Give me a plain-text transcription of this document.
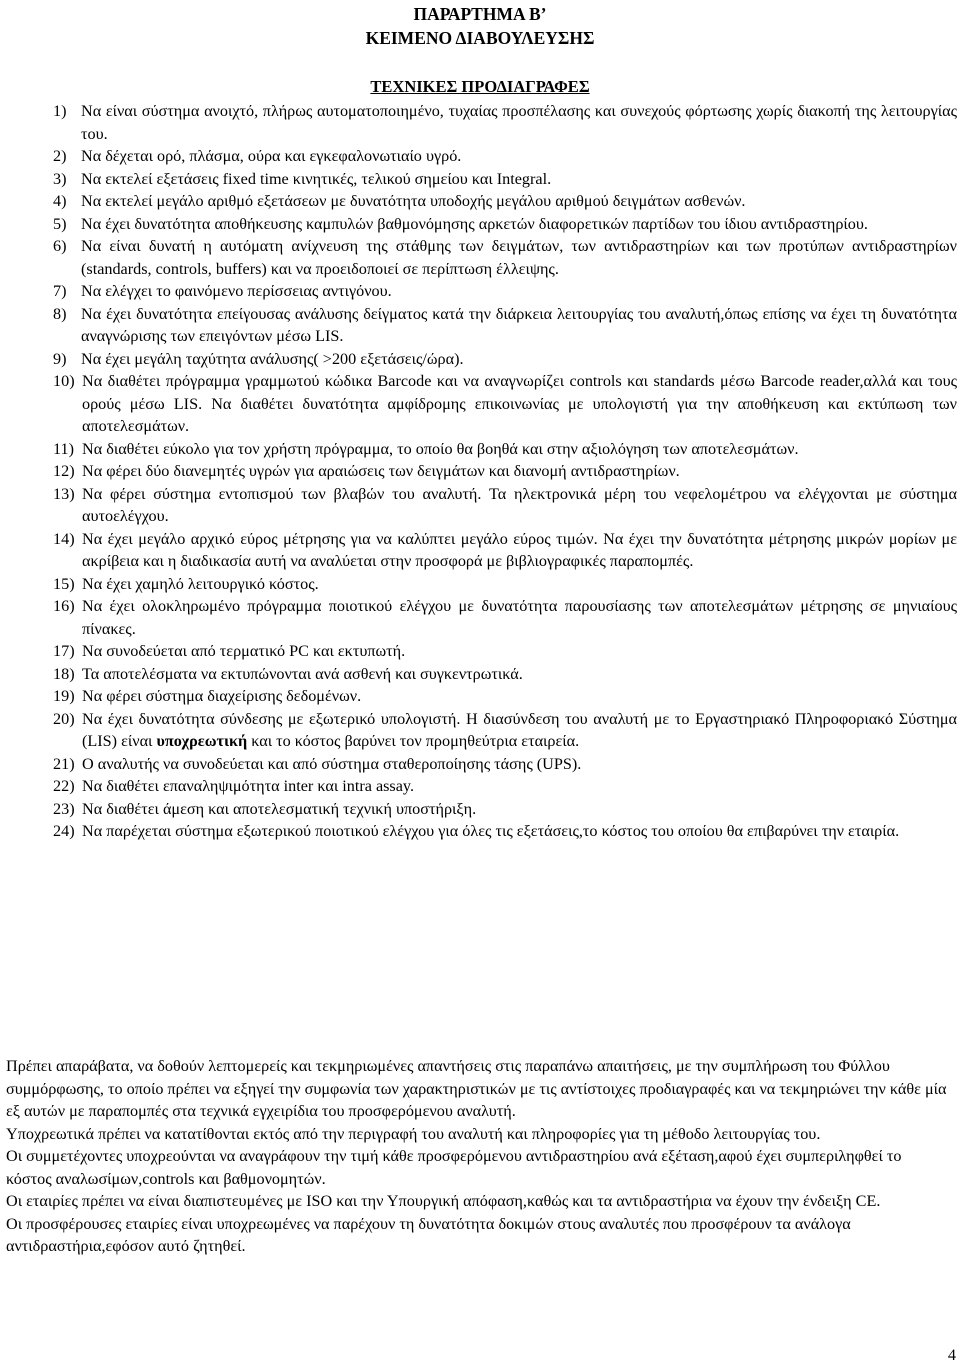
ΠΑΡΑΡΤΗΜΑ Β’
ΚΕΙΜΕΝΟ ΔΙΑΒΟΥΛΕΥΣΗΣ
ΤΕΧΝΙΚΕΣ ΠΡΟΔΙΑΓΡΑΦΕΣ
1) Να είναι σύστημα ανοιχτό, πλήρως αυτοματοποιημένο, τυχαίας προσπέλασης και συνεχούς φόρτωσης χωρίς διακοπή της λειτουργίας του.
2) Να δέχεται ορό, πλάσμα, ούρα και εγκεφαλονωτιαίο υγρό.
3) Να εκτελεί εξετάσεις fixed time κινητικές, τελικού σημείου και Integral.
4) Να εκτελεί μεγάλο αριθμό εξετάσεων με δυνατότητα υποδοχής μεγάλου αριθμού δειγμάτων ασθενών.
5) Να έχει δυνατότητα αποθήκευσης καμπυλών βαθμονόμησης αρκετών διαφορετικών παρτίδων του ίδιου αντιδραστηρίου.
6) Να είναι δυνατή η αυτόματη ανίχνευση της στάθμης των δειγμάτων, των αντιδραστηρίων και των προτύπων αντιδραστηρίων (standards, controls, buffers) και να προειδοποιεί σε περίπτωση έλλειψης.
7) Να ελέγχει το φαινόμενο περίσσειας αντιγόνου.
8) Να έχει δυνατότητα επείγουσας ανάλυσης δείγματος κατά την διάρκεια λειτουργίας του αναλυτή,όπως επίσης να έχει τη δυνατότητα αναγνώρισης των επειγόντων μέσω LIS.
9) Να έχει μεγάλη ταχύτητα ανάλυσης( >200 εξετάσεις/ώρα).
10) Να διαθέτει πρόγραμμα γραμμωτού κώδικα Barcode και να αναγνωρίζει controls και standards μέσω Barcode reader,αλλά και τους ορούς μέσω LIS. Να διαθέτει δυνατότητα αμφίδρομης επικοινωνίας με υπολογιστή για την αποθήκευση και εκτύπωση των αποτελεσμάτων.
11) Να διαθέτει εύκολο για τον χρήστη πρόγραμμα, το οποίο θα βοηθά και στην αξιολόγηση των αποτελεσμάτων.
12) Να φέρει δύο διανεμητές υγρών για αραιώσεις των δειγμάτων και διανομή αντιδραστηρίων.
13) Να φέρει σύστημα εντοπισμού των βλαβών του αναλυτή. Τα ηλεκτρονικά μέρη του νεφελομέτρου να ελέγχονται με σύστημα αυτοελέγχου.
14) Να έχει μεγάλο αρχικό εύρος μέτρησης για να καλύπτει μεγάλο εύρος τιμών. Να έχει την δυνατότητα μέτρησης μικρών μορίων με ακρίβεια και η διαδικασία αυτή να αναλύεται στην προσφορά με βιβλιογραφικές παραπομπές.
15) Να έχει χαμηλό λειτουργικό κόστος.
16) Να έχει ολοκληρωμένο πρόγραμμα ποιοτικού ελέγχου με δυνατότητα παρουσίασης των αποτελεσμάτων μέτρησης σε μηνιαίους πίνακες.
17) Να συνοδεύεται από τερματικό PC και εκτυπωτή.
18) Τα αποτελέσματα να εκτυπώνονται ανά ασθενή και συγκεντρωτικά.
19) Να φέρει σύστημα διαχείρισης δεδομένων.
20) Να έχει δυνατότητα σύνδεσης με εξωτερικό υπολογιστή. Η διασύνδεση του αναλυτή με το Εργαστηριακό Πληροφοριακό Σύστημα (LIS) είναι υποχρεωτική και το κόστος βαρύνει τον προμηθεύτρια εταιρεία.
21) Ο αναλυτής να συνοδεύεται και από σύστημα σταθεροποίησης τάσης (UPS).
22) Να διαθέτει επαναληψιμότητα inter και intra assay.
23) Να διαθέτει άμεση και αποτελεσματική τεχνική υποστήριξη.
24) Να παρέχεται σύστημα εξωτερικού ποιοτικού ελέγχου για όλες τις εξετάσεις,το κόστος του οποίου θα επιβαρύνει την εταιρία.

Πρέπει απαράβατα, να δοθούν λεπτομερείς και τεκμηριωμένες απαντήσεις στις παραπάνω απαιτήσεις, με την συμπλήρωση του Φύλλου συμμόρφωσης, το οποίο πρέπει να εξηγεί την συμφωνία των χαρακτηριστικών με τις αντίστοιχες προδιαγραφές και να τεκμηριώνει την κάθε μία εξ αυτών με παραπομπές στα τεχνικά εγχειρίδια του προσφερόμενου αναλυτή.

Υποχρεωτικά πρέπει να κατατίθονται εκτός από την περιγραφή του αναλυτή και πληροφορίες για τη μέθοδο λειτουργίας του.

Οι συμμετέχοντες υποχρεούνται να αναγράφουν την τιμή κάθε προσφερόμενου αντιδραστηρίου ανά εξέταση,αφού έχει συμπεριληφθεί το κόστος αναλωσίμων,controls και βαθμονομητών.

Οι εταιρίες πρέπει να είναι διαπιστευμένες με ISO και την Υπουργική απόφαση,καθώς και τα αντιδραστήρια να έχουν την ένδειξη CE.

Οι προσφέρουσες εταιρίες είναι υποχρεωμένες να παρέχουν τη δυνατότητα δοκιμών στους αναλυτές που προσφέρουν τα ανάλογα αντιδραστήρια,εφόσον αυτό ζητηθεί.

4
